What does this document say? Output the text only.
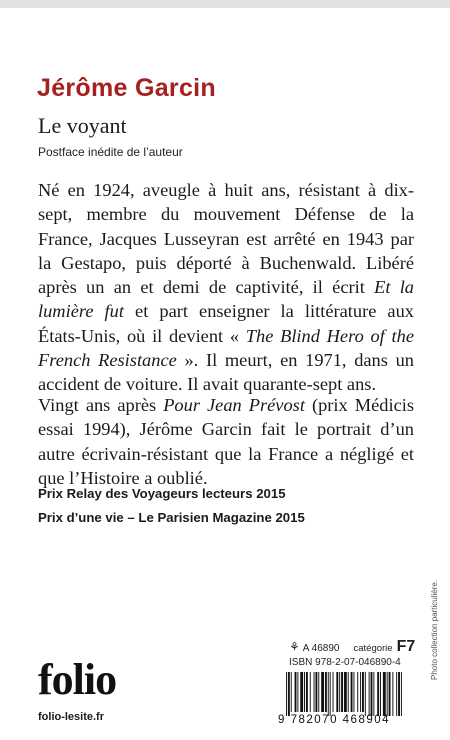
Jérôme Garcin
Le voyant
Postface inédite de l’auteur

Né en 1924, aveugle à huit ans, résistant à dix-sept, membre du mouvement Défense de la France, Jacques Lusseyran est arrêté en 1943 par la Gestapo, puis déporté à Buchenwald. Libéré après un an et demi de captivité, il écrit Et la lumière fut et part enseigner la littérature aux États-Unis, où il devient « The Blind Hero of the French Resistance ». Il meurt, en 1971, dans un accident de voiture. Il avait quarante-sept ans.

Vingt ans après Pour Jean Prévost (prix Médicis essai 1994), Jérôme Garcin fait le portrait d’un autre écrivain-résistant que la France a négligé et que l’Histoire a oublié.

Prix Relay des Voyageurs lecteurs 2015
Prix d’une vie – Le Parisien Magazine 2015
folio
folio-lesite.fr
⚘ A 46890 catégorie F7
ISBN 978-2-07-046890-4
9 782070 468904
Photo collection particulière.
